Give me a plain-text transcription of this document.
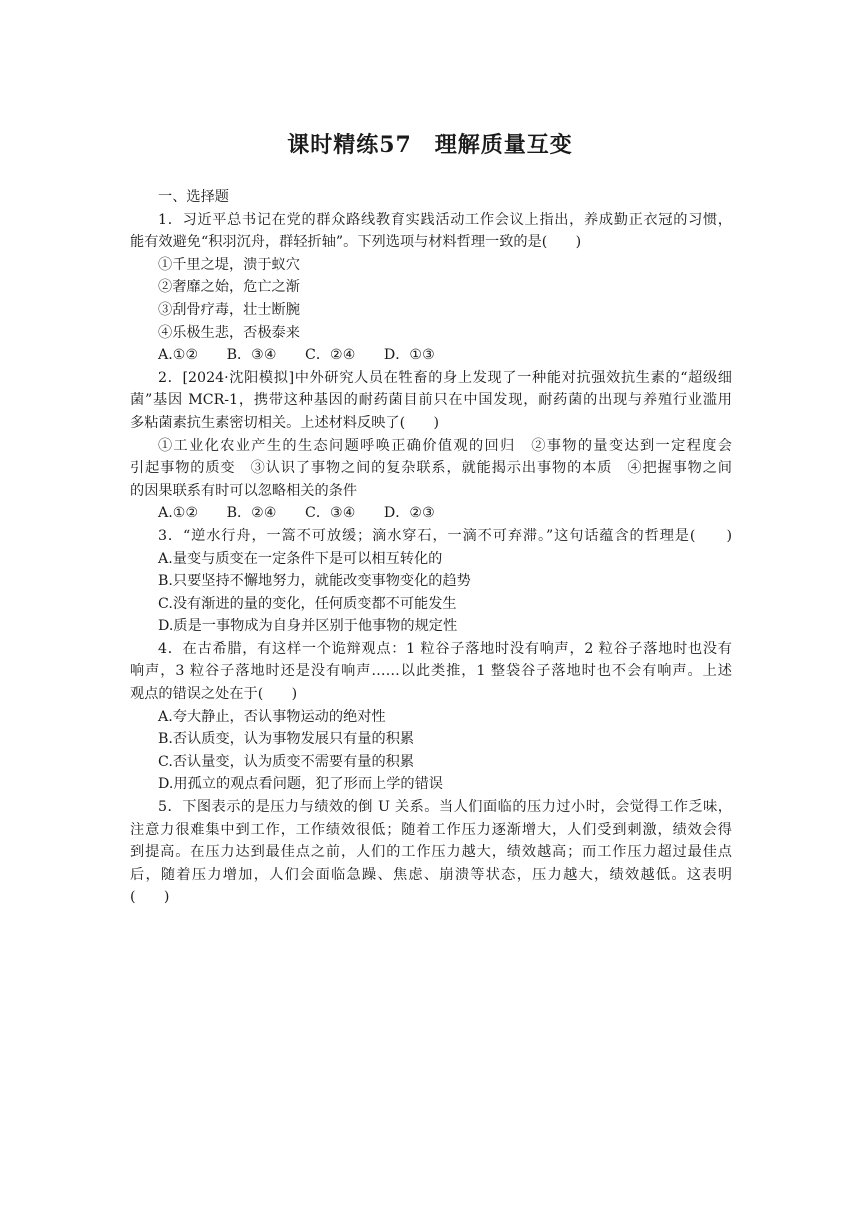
课时精练57　理解质量互变
一、选择题
1．习近平总书记在党的群众路线教育实践活动工作会议上指出，养成勤正衣冠的习惯，
能有效避免“积羽沉舟，群轻折轴”。下列选项与材料哲理一致的是(　　)
①千里之堤，溃于蚁穴
②奢靡之始，危亡之渐
③刮骨疗毒，壮士断腕
④乐极生悲，否极泰来
A.①②　　B．③④　　C．②④　　D．①③
2．[2024·沈阳模拟]中外研究人员在牲畜的身上发现了一种能对抗强效抗生素的“超级细
菌”基因 MCR-1，携带这种基因的耐药菌目前只在中国发现，耐药菌的出现与养殖行业滥用
多粘菌素抗生素密切相关。上述材料反映了(　　)
①工业化农业产生的生态问题呼唤正确价值观的回归　②事物的量变达到一定程度会
引起事物的质变　③认识了事物之间的复杂联系，就能揭示出事物的本质　④把握事物之间
的因果联系有时可以忽略相关的条件
A.①②　　B．②④　　C．③④　　D．②③
3．“逆水行舟，一篙不可放缓；滴水穿石，一滴不可弃滞。”这句话蕴含的哲理是(　　)
A.量变与质变在一定条件下是可以相互转化的
B.只要坚持不懈地努力，就能改变事物变化的趋势
C.没有渐进的量的变化，任何质变都不可能发生
D.质是一事物成为自身并区别于他事物的规定性
4．在古希腊，有这样一个诡辩观点：1 粒谷子落地时没有响声，2 粒谷子落地时也没有
响声，3 粒谷子落地时还是没有响声……以此类推，1 整袋谷子落地时也不会有响声。上述
观点的错误之处在于(　　)
A.夸大静止，否认事物运动的绝对性
B.否认质变，认为事物发展只有量的积累
C.否认量变，认为质变不需要有量的积累
D.用孤立的观点看问题，犯了形而上学的错误
5．下图表示的是压力与绩效的倒 U 关系。当人们面临的压力过小时，会觉得工作乏味，
注意力很难集中到工作，工作绩效很低；随着工作压力逐渐增大，人们受到刺激，绩效会得
到提高。在压力达到最佳点之前，人们的工作压力越大，绩效越高；而工作压力超过最佳点
后，随着压力增加，人们会面临急躁、焦虑、崩溃等状态，压力越大，绩效越低。这表明
(　　)
